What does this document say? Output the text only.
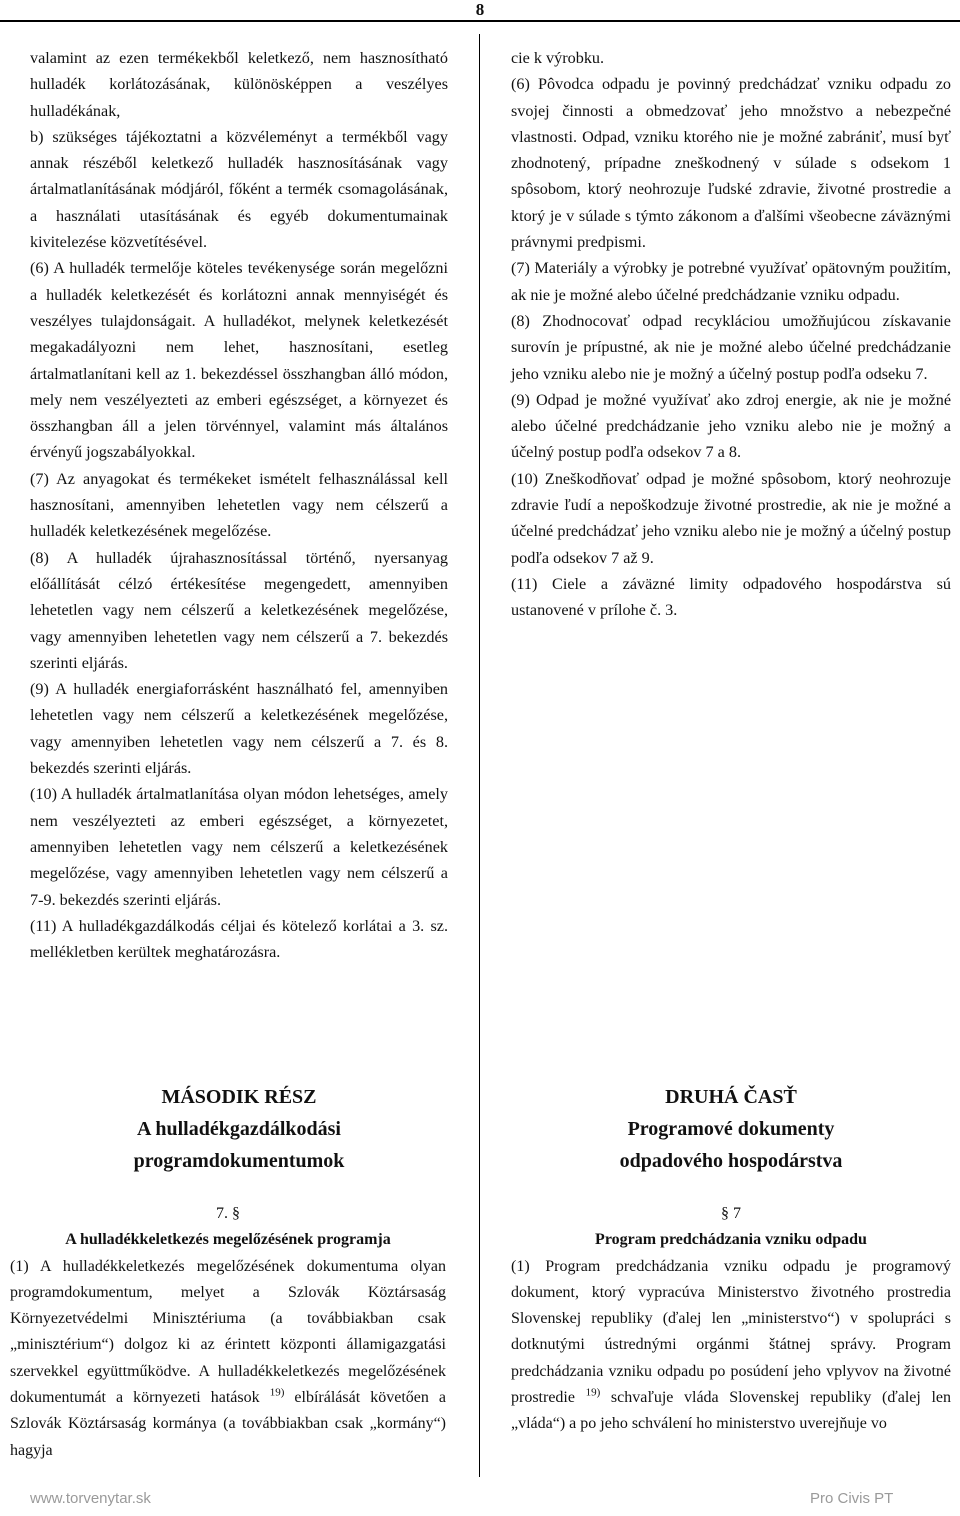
8

valamint az ezen termékekből keletkező, nem hasznosítható hulladék korlátozásának, különösképpen a veszélyes hulladékának,

b) szükséges tájékoztatni a közvéleményt a termékből vagy annak részéből keletkező hulladék hasznosításának vagy ártalmatlanításának módjáról, főként a termék csomagolásának, a használati utasításának és egyéb dokumentumainak kivitelezése közvetítésével.

(6) A hulladék termelője köteles tevékenysége során megelőzni a hulladék keletkezését és korlátozni annak mennyiségét és veszélyes tulajdonságait. A hulladékot, melynek keletkezését megakadályozni nem lehet, hasznosítani, esetleg ártalmatlanítani kell az 1. bekezdéssel összhangban álló módon, mely nem veszélyezteti az emberi egészséget, a környezet és összhangban áll a jelen törvénnyel, valamint más általános érvényű jogszabályokkal.

(7) Az anyagokat és termékeket ismételt felhasználással kell hasznosítani, amennyiben lehetetlen vagy nem célszerű a hulladék keletkezésének megelőzése.

(8) A hulladék újrahasznosítással történő, nyersanyag előállítását célzó értékesítése megengedett, amennyiben lehetetlen vagy nem célszerű a keletkezésének megelőzése, vagy amennyiben lehetetlen vagy nem célszerű a 7. bekezdés szerinti eljárás.

(9) A hulladék energiaforrásként használható fel, amennyiben lehetetlen vagy nem célszerű a keletkezésének megelőzése, vagy amennyiben lehetetlen vagy nem célszerű a 7. és 8. bekezdés szerinti eljárás.

(10) A hulladék ártalmatlanítása olyan módon lehetséges, amely nem veszélyezteti az emberi egészséget, a környezetet, amennyiben lehetetlen vagy nem célszerű a keletkezésének megelőzése, vagy amennyiben lehetetlen vagy nem célszerű a 7-9. bekezdés szerinti eljárás.

(11) A hulladékgazdálkodás céljai és kötelező korlátai a 3. sz. mellékletben kerültek meghatározásra.

cie k výrobku.

(6) Pôvodca odpadu je povinný predchádzať vzniku odpadu zo svojej činnosti a obmedzovať jeho množstvo a nebezpečné vlastnosti. Odpad, vzniku ktorého nie je možné zabrániť, musí byť zhodnotený, prípadne zneškodnený v súlade s odsekom 1 spôsobom, ktorý neohrozuje ľudské zdravie, životné prostredie a ktorý je v súlade s týmto zákonom a ďalšími všeobecne záväznými právnymi predpismi.

(7) Materiály a výrobky je potrebné využívať opätovným použitím, ak nie je možné alebo účelné predchádzanie vzniku odpadu.

(8) Zhodnocovať odpad recykláciou umožňujúcou získavanie surovín je prípustné, ak nie je možné alebo účelné predchádzanie jeho vzniku alebo nie je možný a účelný postup podľa odseku 7.

(9) Odpad je možné využívať ako zdroj energie, ak nie je možné alebo účelné predchádzanie jeho vzniku alebo nie je možný a účelný postup podľa odsekov 7 a 8.

(10) Zneškodňovať odpad je možné spôsobom, ktorý neohrozuje zdravie ľudí a nepoškodzuje životné prostredie, ak nie je možné a účelné predchádzať jeho vzniku alebo nie je možný a účelný postup podľa odsekov 7 až 9.

(11) Ciele a záväzné limity odpadového hospodárstva sú ustanovené v prílohe č. 3.

MÁSODIK RÉSZ
A hulladékgazdálkodási
programdokumentumok
DRUHÁ ČASŤ
Programové dokumenty
odpadového hospodárstva

7. §

A hulladékkeletkezés megelőzésének programja

(1) A hulladékkeletkezés megelőzésének dokumentuma olyan programdokumentum, melyet a Szlovák Köztársaság Környezetvédelmi Minisztériuma (a továbbiakban csak „minisztérium“) dolgoz ki az érintett központi államigazgatási szervekkel együttműködve. A hulladékkeletkezés megelőzésének dokumentumát a környezeti hatások $^{19)}$ elbírálását követően a Szlovák Köztársaság kormánya (a továbbiakban csak „kormány“) hagyja

§ 7

Program predchádzania vzniku odpadu

(1) Program predchádzania vzniku odpadu je programový dokument, ktorý vypracúva Ministerstvo životného prostredia Slovenskej republiky (ďalej len „ministerstvo“) v spolupráci s dotknutými ústrednými orgánmi štátnej správy. Program predchádzania vzniku odpadu po posúdení jeho vplyvov na životné prostredie $^{19)}$ schvaľuje vláda Slovenskej republiky (ďalej len „vláda“) a po jeho schválení ho ministerstvo uverejňuje vo

www.torvenytar.sk	Pro Civis PT
